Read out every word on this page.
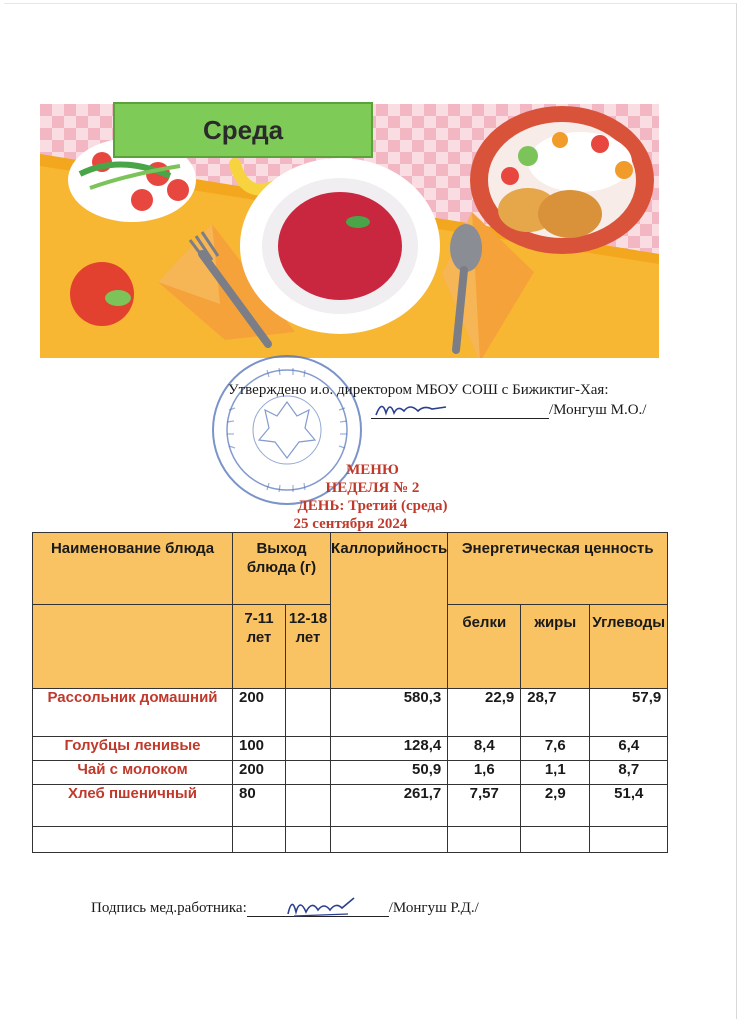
Среда
Утверждено и.о. директором МБОУ СОШ с Бижиктиг-Хая:
/Монгуш М.О./
МЕНЮ
НЕДЕЛЯ № 2
ДЕНЬ: Третий (среда)
25 сентября 2024
Наименование блюда	Выход блюда (г)		Каллорийность	Энергетическая ценность		
	7-11 лет	12-18 лет		белки	жиры	Углеводы
Рассольник домашний	200		580,3	22,9	28,7	57,9
Голубцы ленивые	100		128,4	8,4	7,6	6,4
Чай с молоком	200		50,9	1,6	1,1	8,7
Хлеб пшеничный	80		261,7	7,57	2,9	51,4

Подпись мед.работника:	/Монгуш Р.Д./
